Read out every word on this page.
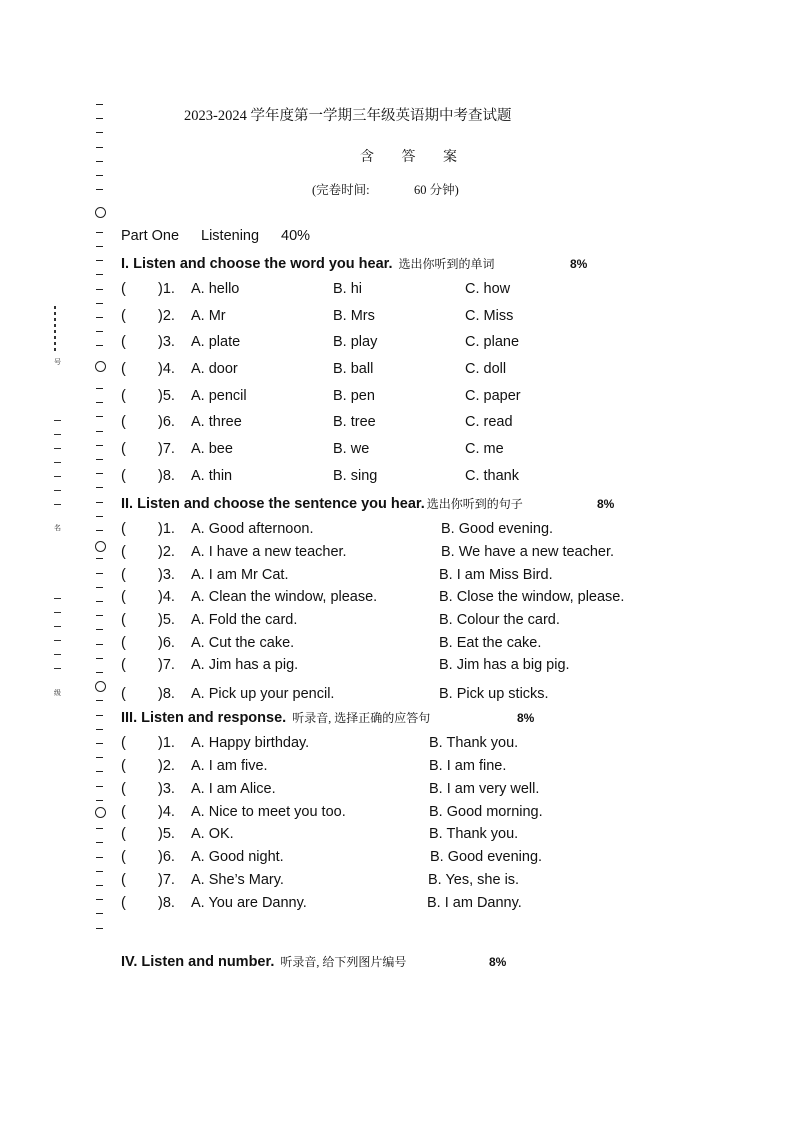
2023-2024 学年度第一学期三年级英语期中考查试题
含 答 案
(完卷时间:	60 分钟)
Part One Listening 40%
I. Listen and choose the word you hear. 选出你听到的单词	8%
( )1. A. hello	B. hi	C. how
( )2. A. Mr	B. Mrs	C. Miss
( )3. A. plate	B. play	C. plane
( )4. A. door	B. ball	C. doll
( )5. A. pencil	B. pen	C. paper
( )6. A. three	B. tree	C. read
( )7. A. bee	B. we	C. me
( )8. A. thin	B. sing	C. thank
II. Listen and choose the sentence you hear. 选出你听到的句子	8%
( )1. A. Good afternoon.	B. Good evening.
( )2. A. I have a new teacher.	B. We have a new teacher.
( )3. A. I am Mr Cat.	B. I am Miss Bird.
( )4. A. Clean the window, please.	B. Close the window, please.
( )5. A. Fold the card.	B. Colour the card.
( )6. A. Cut the cake.	B. Eat the cake.
( )7. A. Jim has a pig.	B. Jim has a big pig.
( )8. A. Pick up your pencil.	B. Pick up sticks.
III. Listen and response. 听录音, 选择正确的应答句	8%
( )1. A. Happy birthday.	B. Thank you.
( )2. A. I am five.	B. I am fine.
( )3. A. I am Alice.	B. I am very well.
( )4. A. Nice to meet you too.	B. Good morning.
( )5. A. OK.	B. Thank you.
( )6. A. Good night.	B. Good evening.
( )7. A. She’s Mary.	B. Yes, she is.
( )8. A. You are Danny.	B. I am Danny.
IV. Listen and number. 听录音, 给下列图片编号	8%
号
名
级
